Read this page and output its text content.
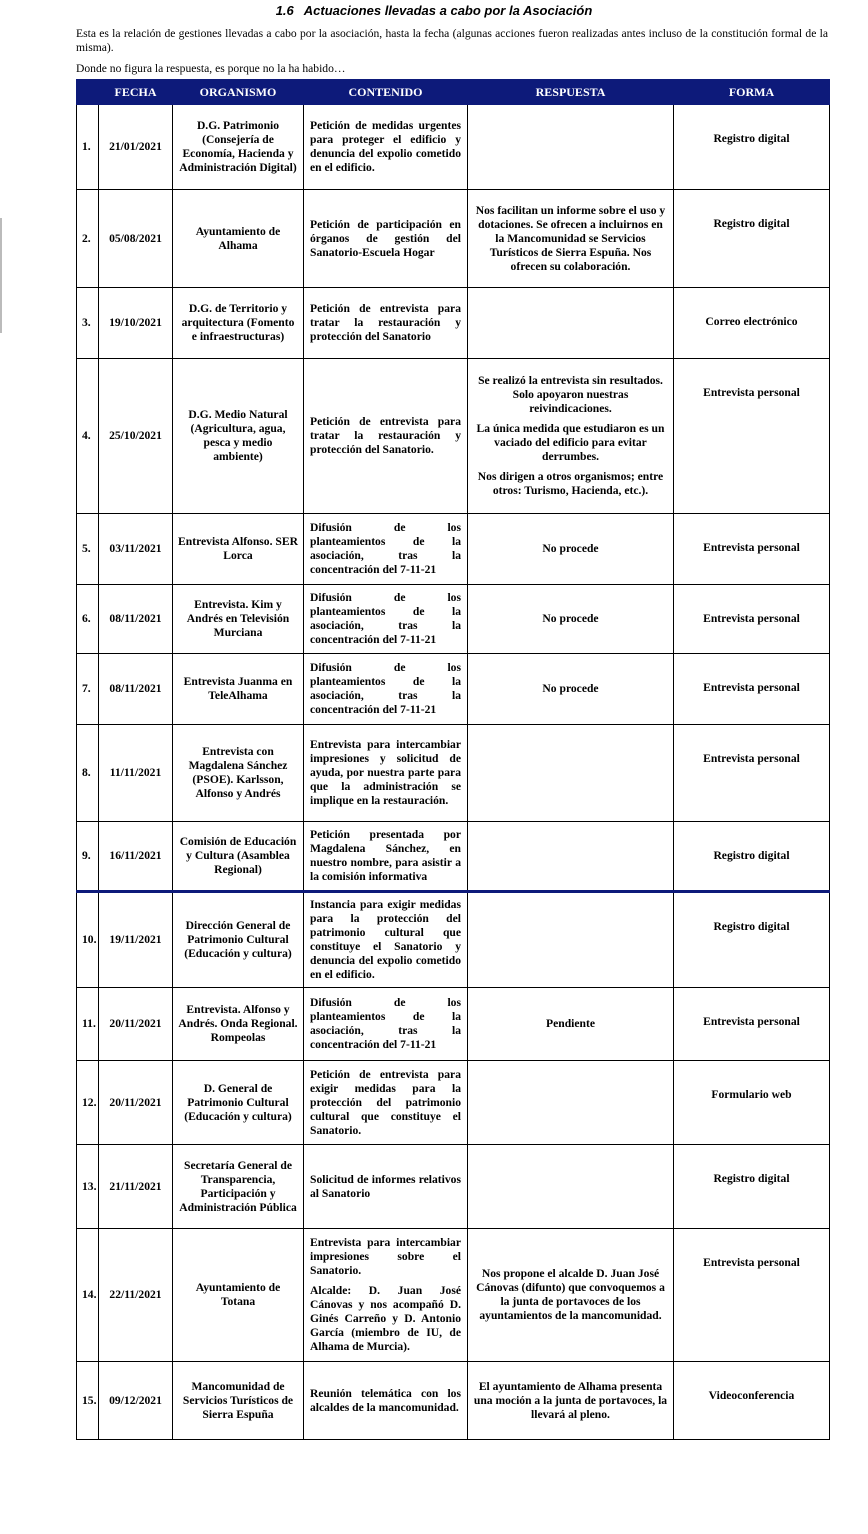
1.6 Actuaciones llevadas a cabo por la Asociación
Esta es la relación de gestiones llevadas a cabo por la asociación, hasta la fecha (algunas acciones fueron realizadas antes incluso de la constitución formal de la misma).
Donde no figura la respuesta, es porque no la ha habido…
	FECHA	ORGANISMO	CONTENIDO	RESPUESTA	FORMA
1.	21/01/2021	D.G. Patrimonio (Consejería de Economía, Hacienda y Administración Digital)	Petición de medidas urgentes para proteger el edificio y denuncia del expolio cometido en el edificio.		Registro digital
2.	05/08/2021	Ayuntamiento de Alhama	Petición de participación en órganos de gestión del Sanatorio-Escuela Hogar	Nos facilitan un informe sobre el uso y dotaciones. Se ofrecen a incluirnos en la Mancomunidad se Servicios Turísticos de Sierra Espuña. Nos ofrecen su colaboración.	Registro digital
3.	19/10/2021	D.G. de Territorio y arquitectura (Fomento e infraestructuras)	Petición de entrevista para tratar la restauración y protección del Sanatorio		Correo electrónico
4.	25/10/2021	D.G. Medio Natural (Agricultura, agua, pesca y medio ambiente)	Petición de entrevista para tratar la restauración y protección del Sanatorio.	Se realizó la entrevista sin resultados. Solo apoyaron nuestras reivindicaciones.

La única medida que estudiaron es un vaciado del edificio para evitar derrumbes.

Nos dirigen a otros organismos; entre otros: Turismo, Hacienda, etc.).	Entrevista personal
5.	03/11/2021	Entrevista Alfonso. SER Lorca	Difusión de los planteamientos de la asociación, tras la concentración del 7-11-21	No procede	Entrevista personal
6.	08/11/2021	Entrevista. Kim y Andrés en Televisión Murciana	Difusión de los planteamientos de la asociación, tras la concentración del 7-11-21	No procede	Entrevista personal
7.	08/11/2021	Entrevista Juanma en TeleAlhama	Difusión de los planteamientos de la asociación, tras la concentración del 7-11-21	No procede	Entrevista personal
8.	11/11/2021	Entrevista con Magdalena Sánchez (PSOE). Karlsson, Alfonso y Andrés	Entrevista para intercambiar impresiones y solicitud de ayuda, por nuestra parte para que la administración se implique en la restauración.		Entrevista personal
9.	16/11/2021	Comisión de Educación y Cultura (Asamblea Regional)	Petición presentada por Magdalena Sánchez, en nuestro nombre, para asistir a la comisión informativa		Registro digital
10.	19/11/2021	Dirección General de Patrimonio Cultural (Educación y cultura)	Instancia para exigir medidas para la protección del patrimonio cultural que constituye el Sanatorio y denuncia del expolio cometido en el edificio.		Registro digital
11.	20/11/2021	Entrevista. Alfonso y Andrés. Onda Regional. Rompeolas	Difusión de los planteamientos de la asociación, tras la concentración del 7-11-21	Pendiente	Entrevista personal
12.	20/11/2021	D. General de Patrimonio Cultural (Educación y cultura)	Petición de entrevista para exigir medidas para la protección del patrimonio cultural que constituye el Sanatorio.		Formulario web
13.	21/11/2021	Secretaría General de Transparencia, Participación y Administración Pública	Solicitud de informes relativos al Sanatorio		Registro digital
14.	22/11/2021	Ayuntamiento de Totana	Entrevista para intercambiar impresiones sobre el Sanatorio.

Alcalde: D. Juan José Cánovas y nos acompañó D. Ginés Carreño y D. Antonio García (miembro de IU, de Alhama de Murcia).	Nos propone el alcalde D. Juan José Cánovas (difunto) que convoquemos a la junta de portavoces de los ayuntamientos de la mancomunidad.	Entrevista personal
15.	09/12/2021	Mancomunidad de Servicios Turísticos de Sierra Espuña	Reunión telemática con los alcaldes de la mancomunidad.	El ayuntamiento de Alhama presenta una moción a la junta de portavoces, la llevará al pleno.	Videoconferencia
